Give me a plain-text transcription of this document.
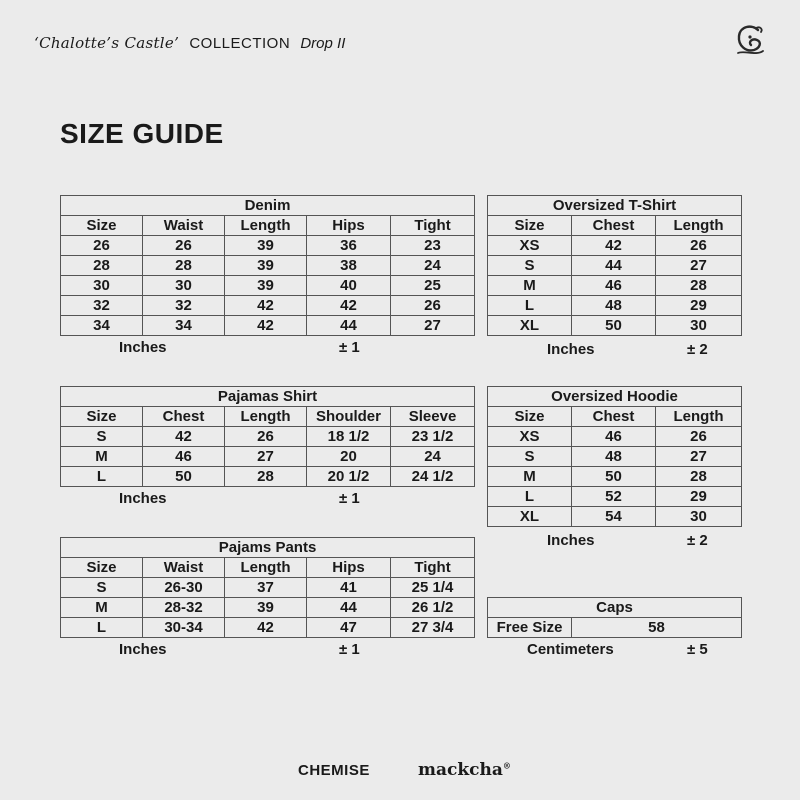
‘Chalotte’s Castle’ COLLECTION Drop II
SIZE GUIDE
Denim				
Size	Waist	Length	Hips	Tight
26	26	39	36	23
28	28	39	38	24
30	30	39	40	25
32	32	42	42	26
34	34	42	44	27
Inches	± 1
Oversized T-Shirt		
Size	Chest	Length
XS	42	26
S	44	27
M	46	28
L	48	29
XL	50	30
Inches	± 2
Pajamas Shirt				
Size	Chest	Length	Shoulder	Sleeve
S	42	26	18 1/2	23 1/2
M	46	27	20	24
L	50	28	20 1/2	24 1/2
Inches	± 1
Oversized Hoodie		
Size	Chest	Length
XS	46	26
S	48	27
M	50	28
L	52	29
XL	54	30
Inches	± 2
Pajams Pants				
Size	Waist	Length	Hips	Tight
S	26-30	37	41	25 1/4
M	28-32	39	44	26 1/2
L	30-34	42	47	27 3/4
Inches	± 1
Caps
Free Size	58
Centimeters	± 5
CHEMISE	mackcha®
